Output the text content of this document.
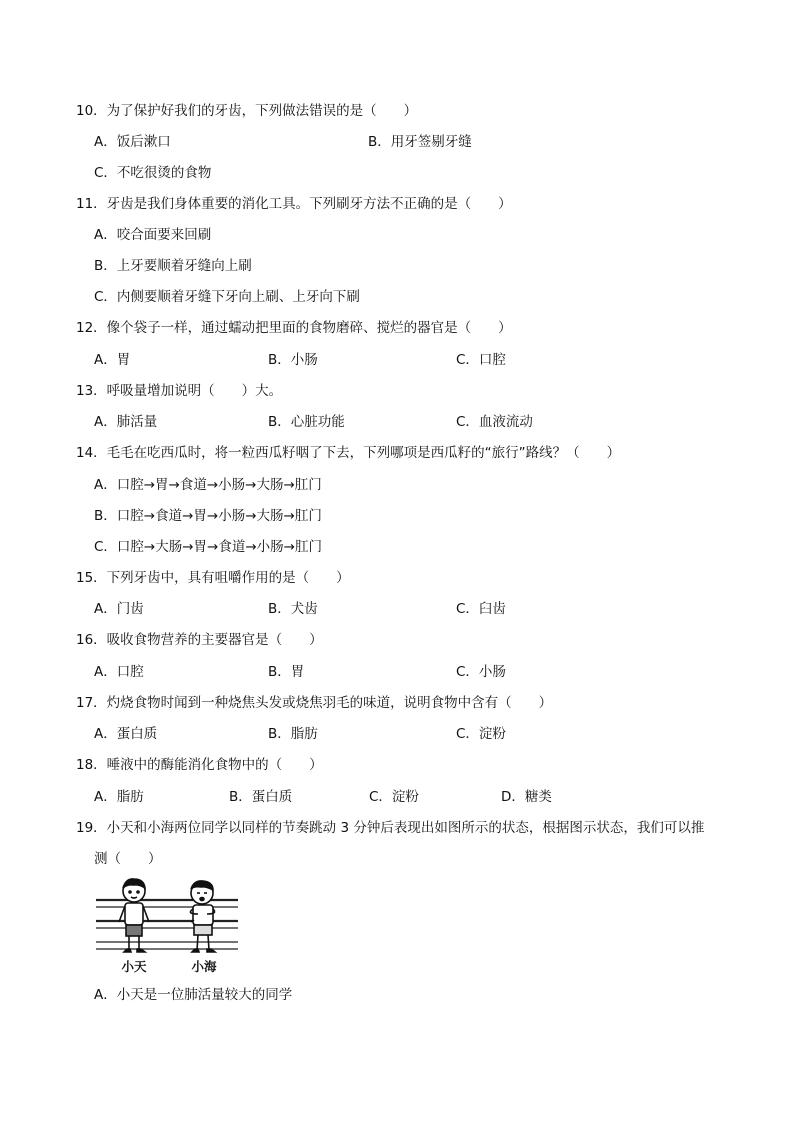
10．为了保护好我们的牙齿，下列做法错误的是（　　）
A．饭后漱口	B．用牙签剔牙缝
C．不吃很烫的食物
11．牙齿是我们身体重要的消化工具。下列刷牙方法不正确的是（　　）
A．咬合面要来回刷
B．上牙要顺着牙缝向上刷
C．内侧要顺着牙缝下牙向上刷、上牙向下刷
12．像个袋子一样，通过蠕动把里面的食物磨碎、搅烂的器官是（　　）
A．胃	B．小肠	C．口腔
13．呼吸量增加说明（　　）大。
A．肺活量	B．心脏功能	C．血液流动
14．毛毛在吃西瓜时，将一粒西瓜籽咽了下去，下列哪项是西瓜籽的“旅行”路线？（　　）
A．口腔→胃→食道→小肠→大肠→肛门
B．口腔→食道→胃→小肠→大肠→肛门
C．口腔→大肠→胃→食道→小肠→肛门
15．下列牙齿中，具有咀嚼作用的是（　　）
A．门齿	B．犬齿	C．臼齿
16．吸收食物营养的主要器官是（　　）
A．口腔	B．胃	C．小肠
17．灼烧食物时闻到一种烧焦头发或烧焦羽毛的味道，说明食物中含有（　　）
A．蛋白质	B．脂肪	C．淀粉
18．唾液中的酶能消化食物中的（　　）
A．脂肪	B．蛋白质	C．淀粉	D．糖类
19．小天和小海两位同学以同样的节奏跳动 3 分钟后表现出如图所示的状态，根据图示状态，我们可以推
测（　　）
小天	小海
A．小天是一位肺活量较大的同学
